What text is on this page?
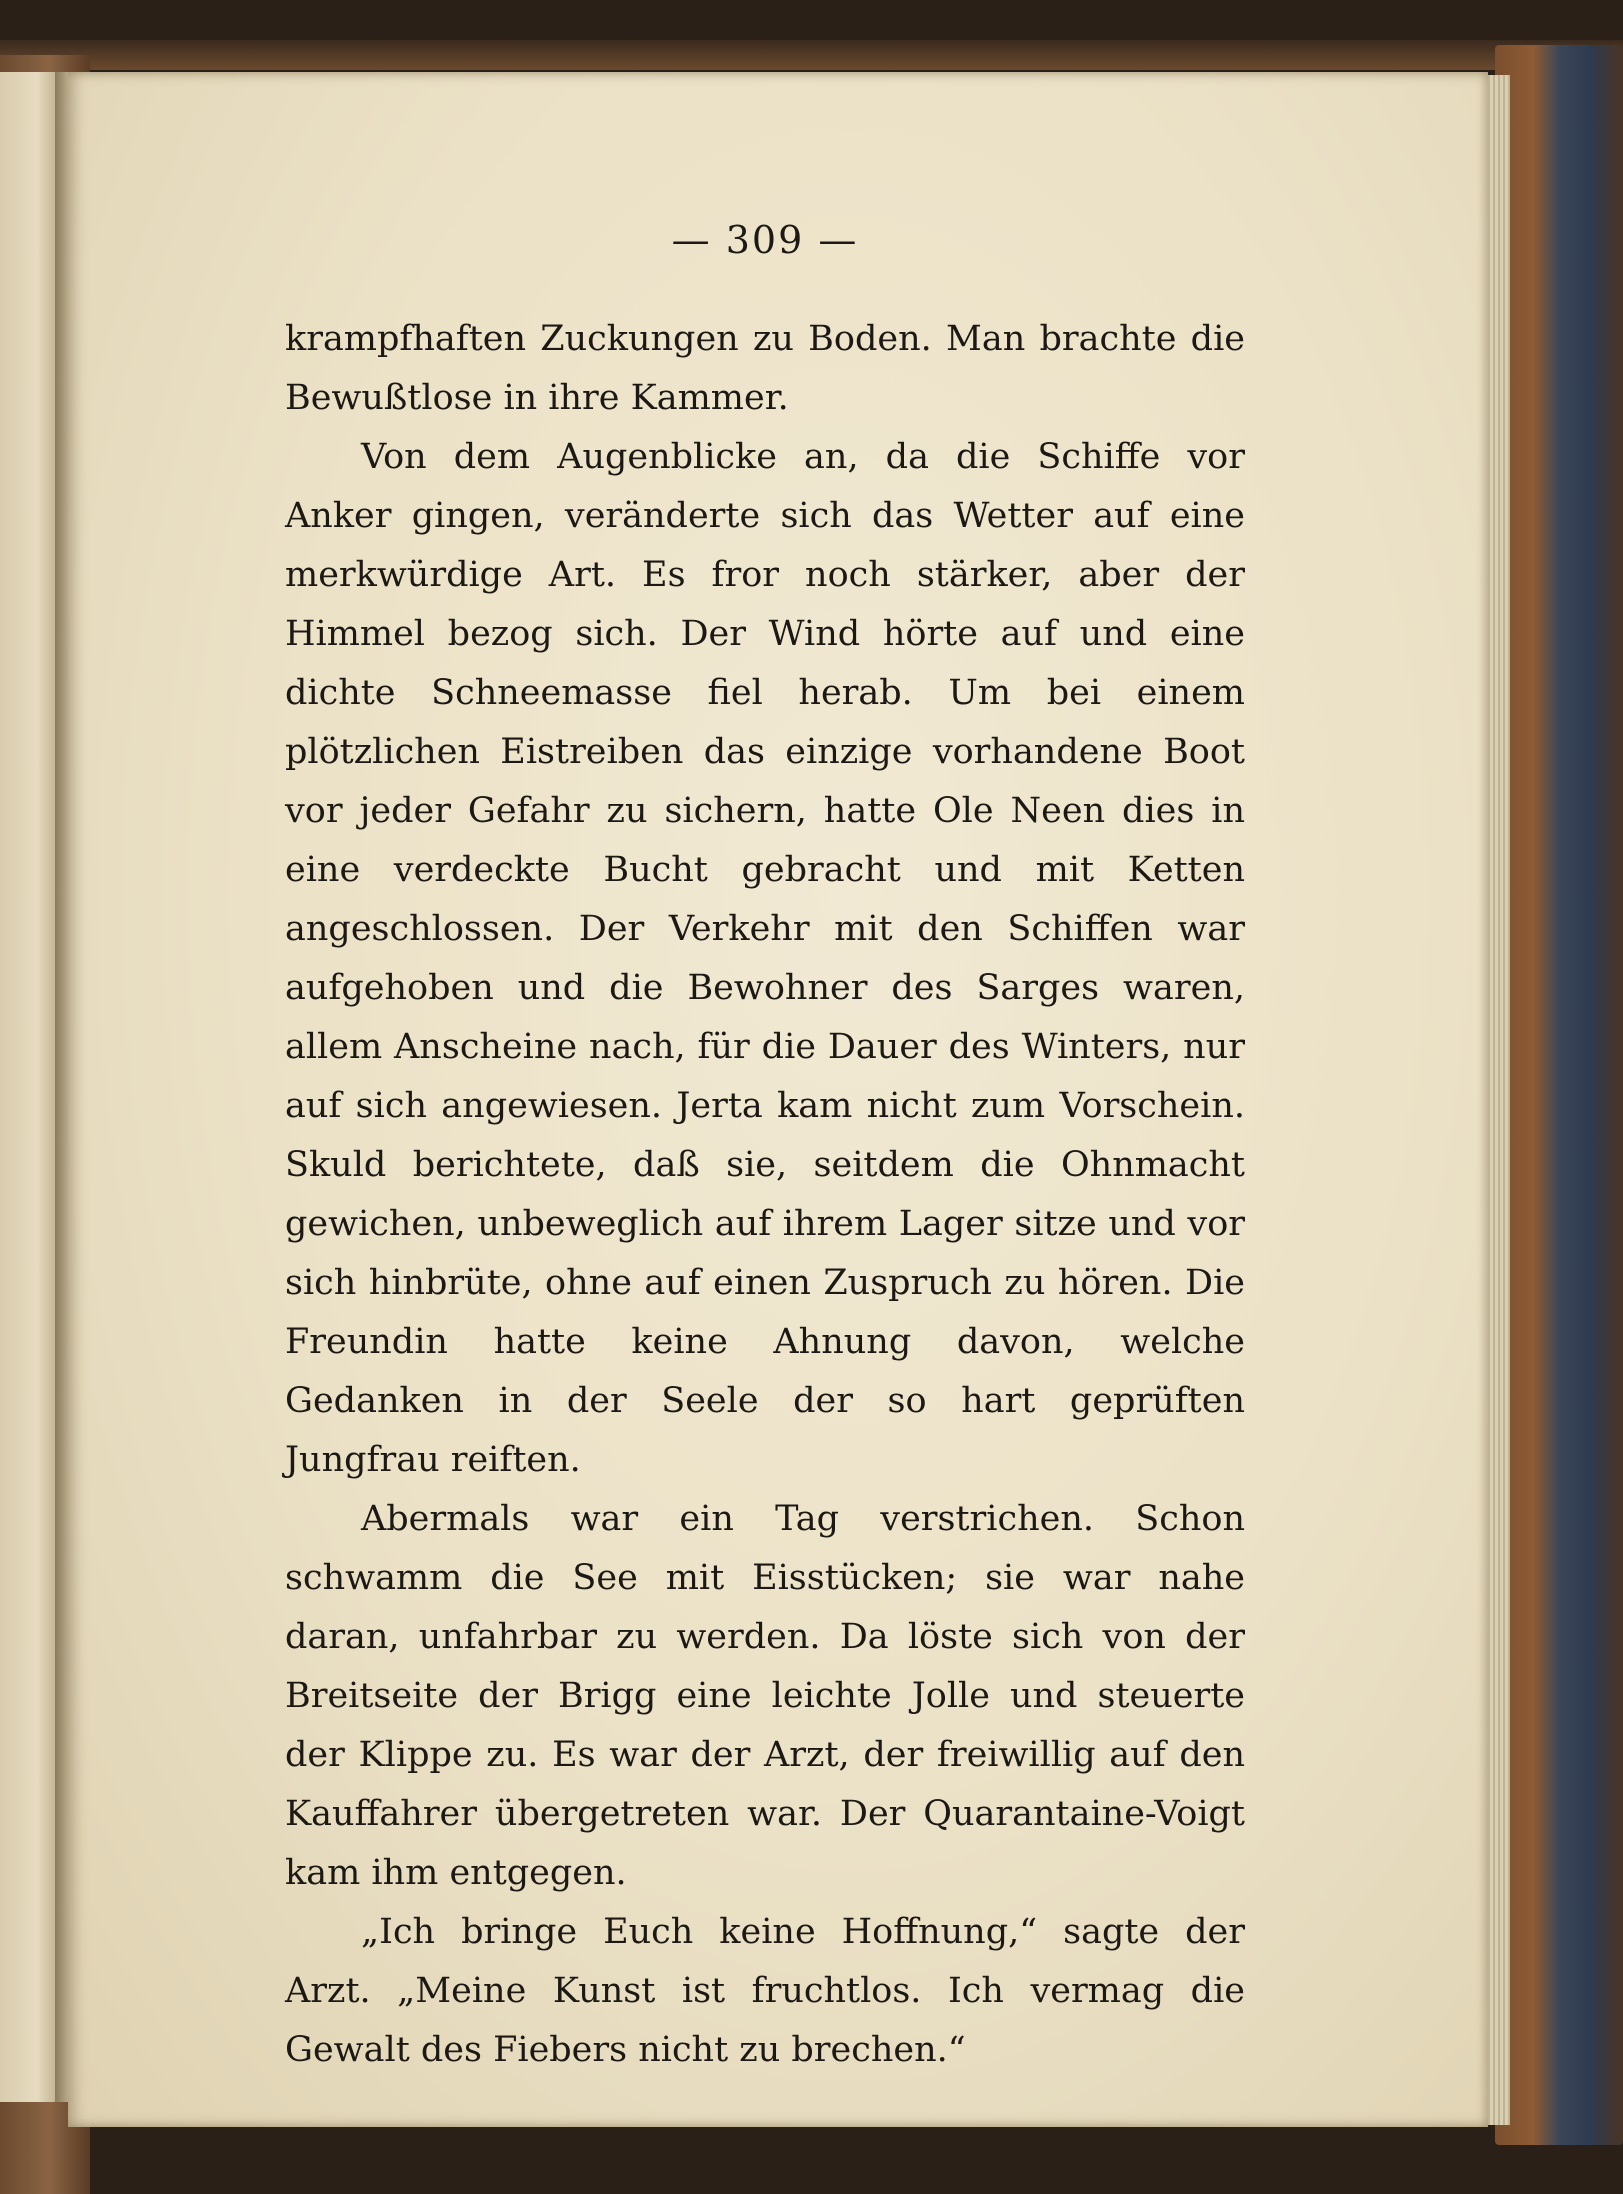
— 309 —

krampfhaften Zuckungen zu Boden. Man brachte die Bewußtlose in ihre Kammer.

Von dem Augenblicke an, da die Schiffe vor Anker gingen, veränderte sich das Wetter auf eine merkwürdige Art. Es fror noch stärker, aber der Himmel bezog sich. Der Wind hörte auf und eine dichte Schneemasse fiel herab. Um bei einem plötzlichen Eistreiben das einzige vorhandene Boot vor jeder Gefahr zu sichern, hatte Ole Neen dies in eine verdeckte Bucht gebracht und mit Ketten angeschlossen. Der Verkehr mit den Schiffen war aufgehoben und die Bewohner des Sarges waren, allem Anscheine nach, für die Dauer des Winters, nur auf sich angewiesen. Jerta kam nicht zum Vorschein. Skuld berichtete, daß sie, seitdem die Ohnmacht gewichen, unbeweglich auf ihrem Lager sitze und vor sich hinbrüte, ohne auf einen Zuspruch zu hören. Die Freundin hatte keine Ahnung davon, welche Gedanken in der Seele der so hart geprüften Jungfrau reiften.

Abermals war ein Tag verstrichen. Schon schwamm die See mit Eisstücken; sie war nahe daran, unfahrbar zu werden. Da löste sich von der Breitseite der Brigg eine leichte Jolle und steuerte der Klippe zu. Es war der Arzt, der freiwillig auf den Kauffahrer übergetreten war. Der Quarantaine-Voigt kam ihm entgegen.

„Ich bringe Euch keine Hoffnung,“ sagte der Arzt. „Meine Kunst ist fruchtlos. Ich vermag die Gewalt des Fiebers nicht zu brechen.“
